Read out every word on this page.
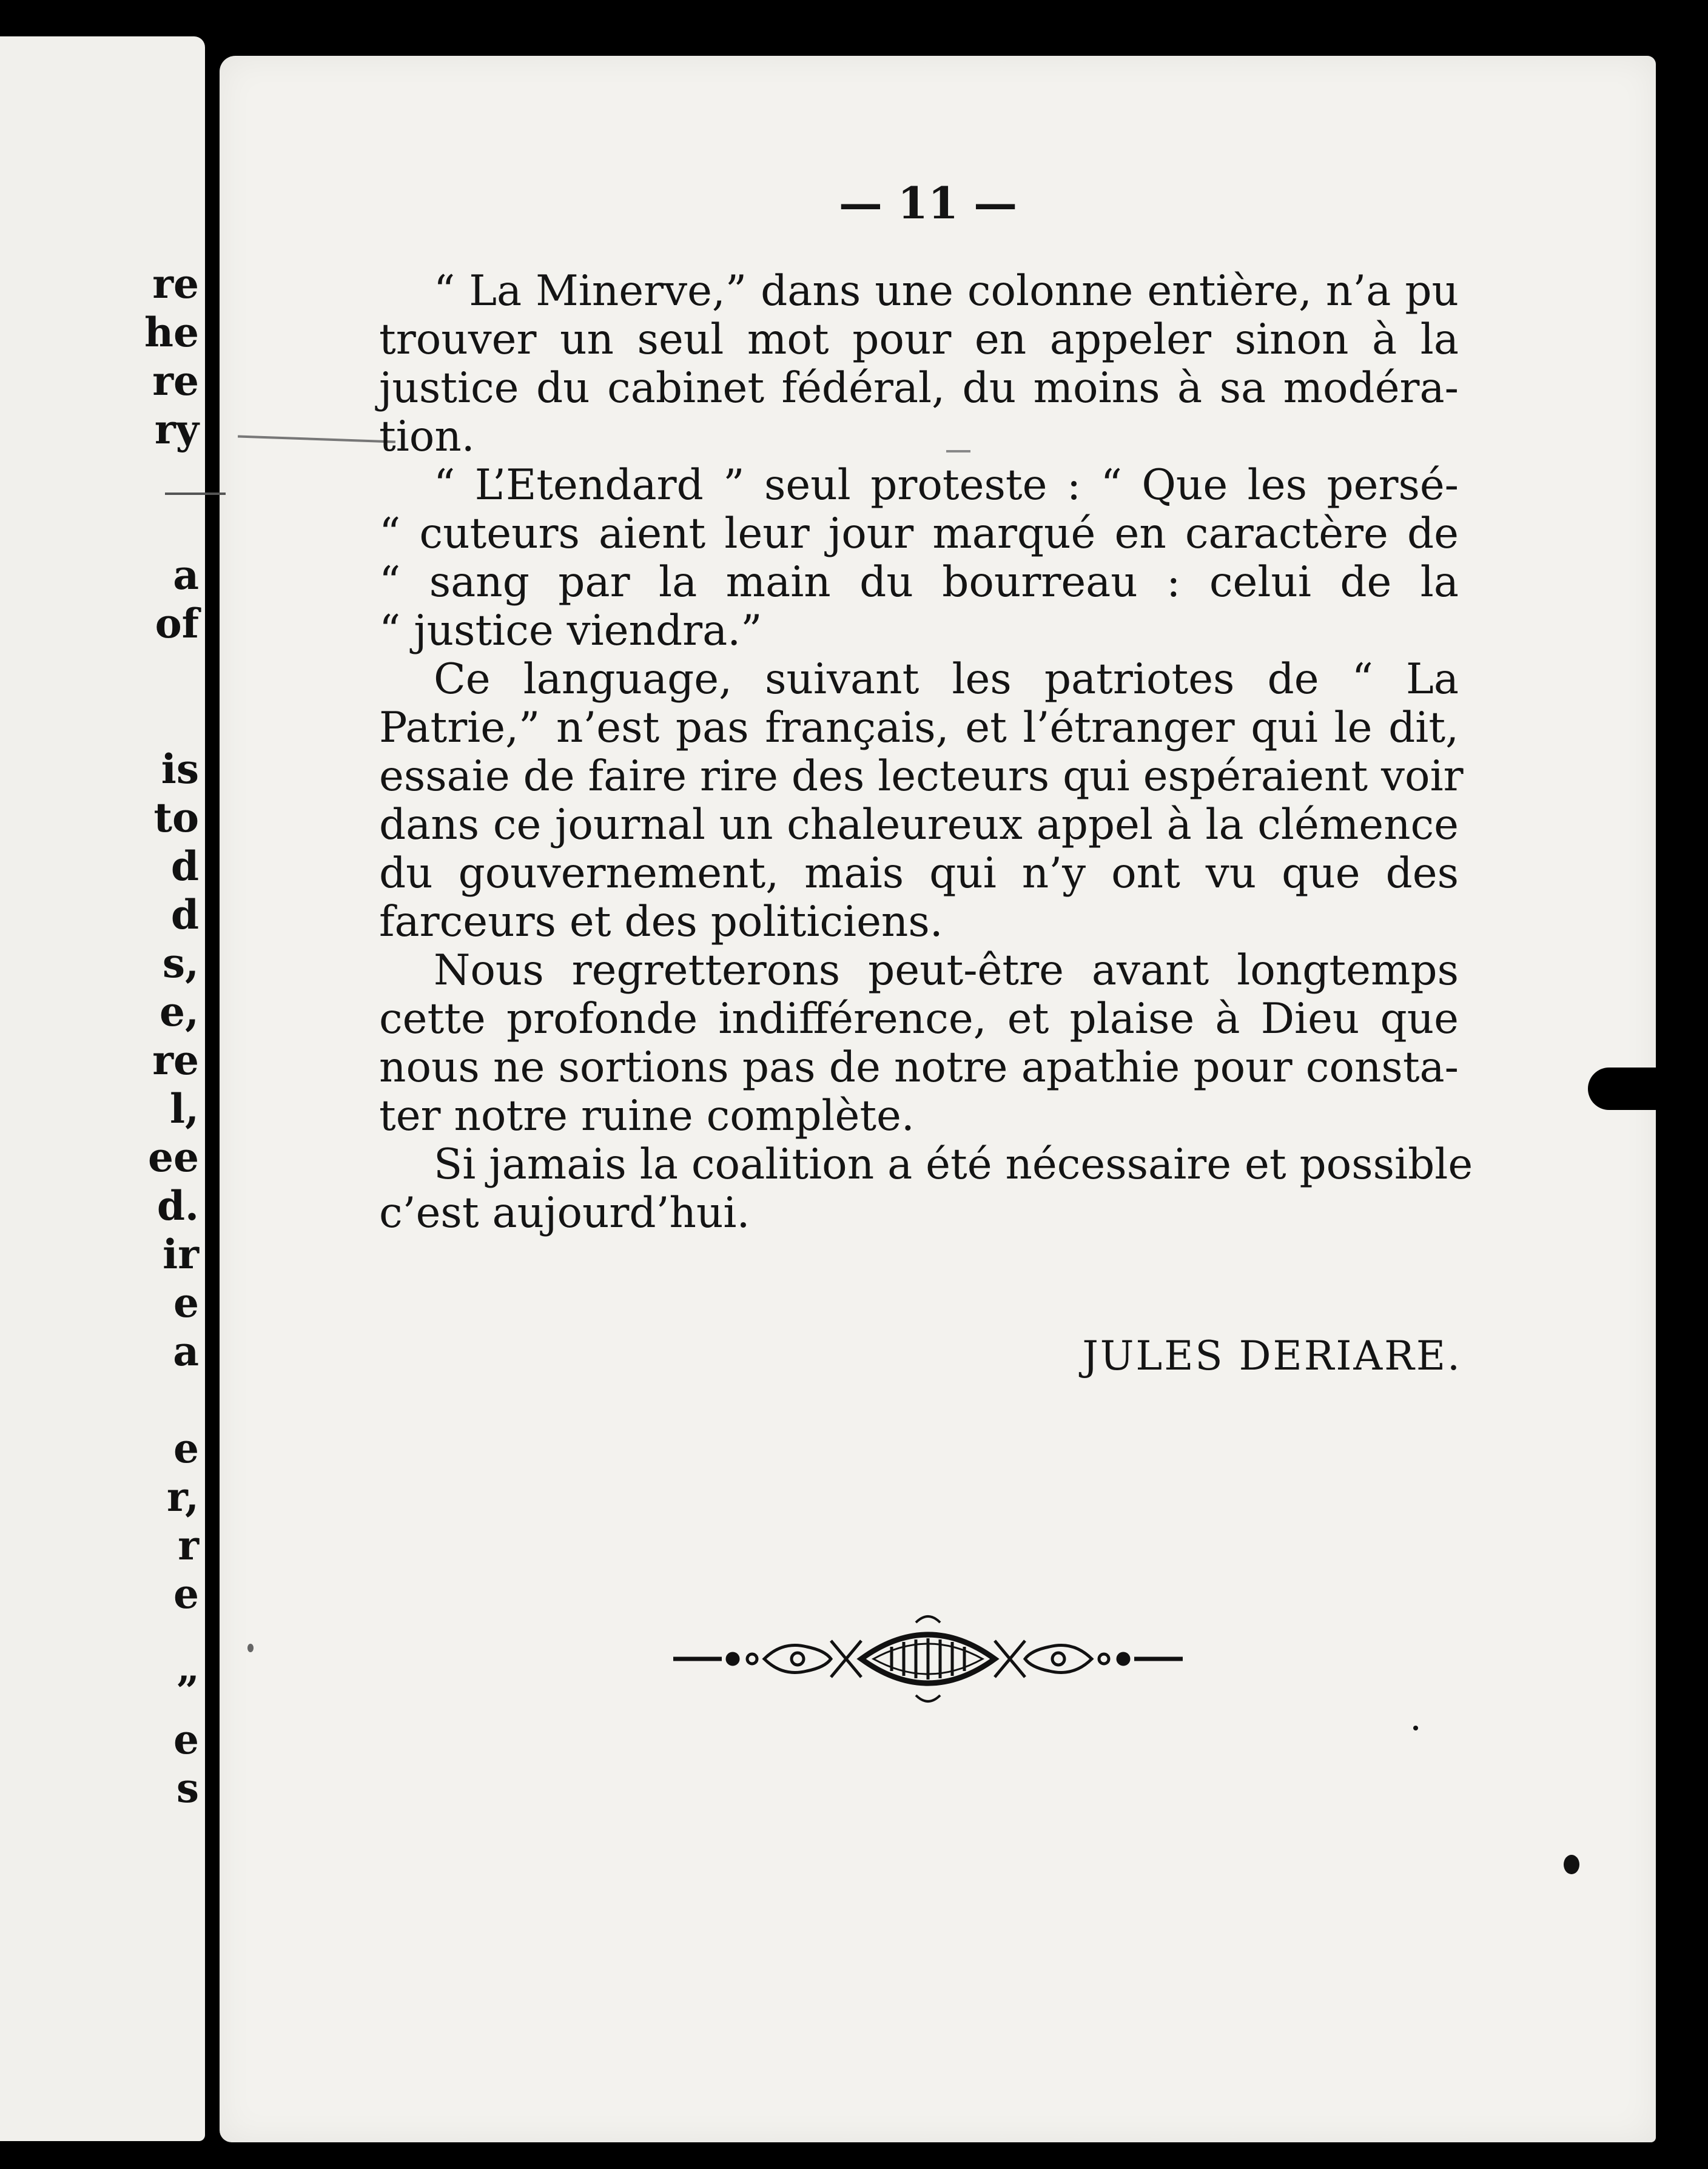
re
he
re
ry
a
of
is
to
d
d
s,
e,
re
l,
ee
d.
ir
e
a
e
r,
r
e
”
e
s
— 11 —
“ La Minerve,” dans une colonne entière, n’a pu
trouver un seul mot pour en appeler sinon à la
justice du cabinet fédéral, du moins à sa modéra-
tion.
“ L’Etendard ” seul proteste : “ Que les persé-
“ cuteurs aient leur jour marqué en caractère de
“ sang par la main du bourreau : celui de la
“ justice viendra.”
Ce language, suivant les patriotes de “ La
Patrie,” n’est pas français, et l’étranger qui le dit,
essaie de faire rire des lecteurs qui espéraient voir
dans ce journal un chaleureux appel à la clémence
du gouvernement, mais qui n’y ont vu que des
farceurs et des politiciens.
Nous regretterons peut-être avant longtemps
cette profonde indifférence, et plaise à Dieu que
nous ne sortions pas de notre apathie pour consta-
ter notre ruine complète.
Si jamais la coalition a été nécessaire et possible
c’est aujourd’hui.
JULES DERIARE.
